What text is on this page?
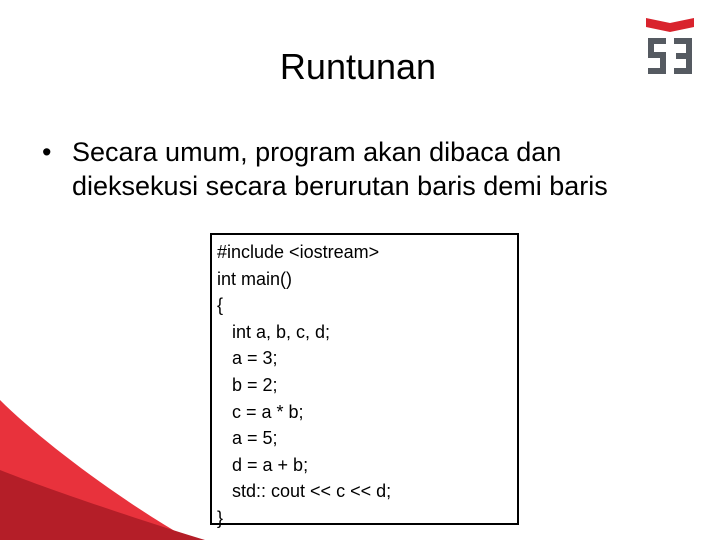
Runtunan
• Secara umum, program akan dibaca dan dieksekusi secara berurutan baris demi baris
#include <iostream>
int main()
{
int a, b, c, d;
a = 3;
b = 2;
c = a * b;
a = 5;
d = a + b;
std:: cout << c << d;
}
